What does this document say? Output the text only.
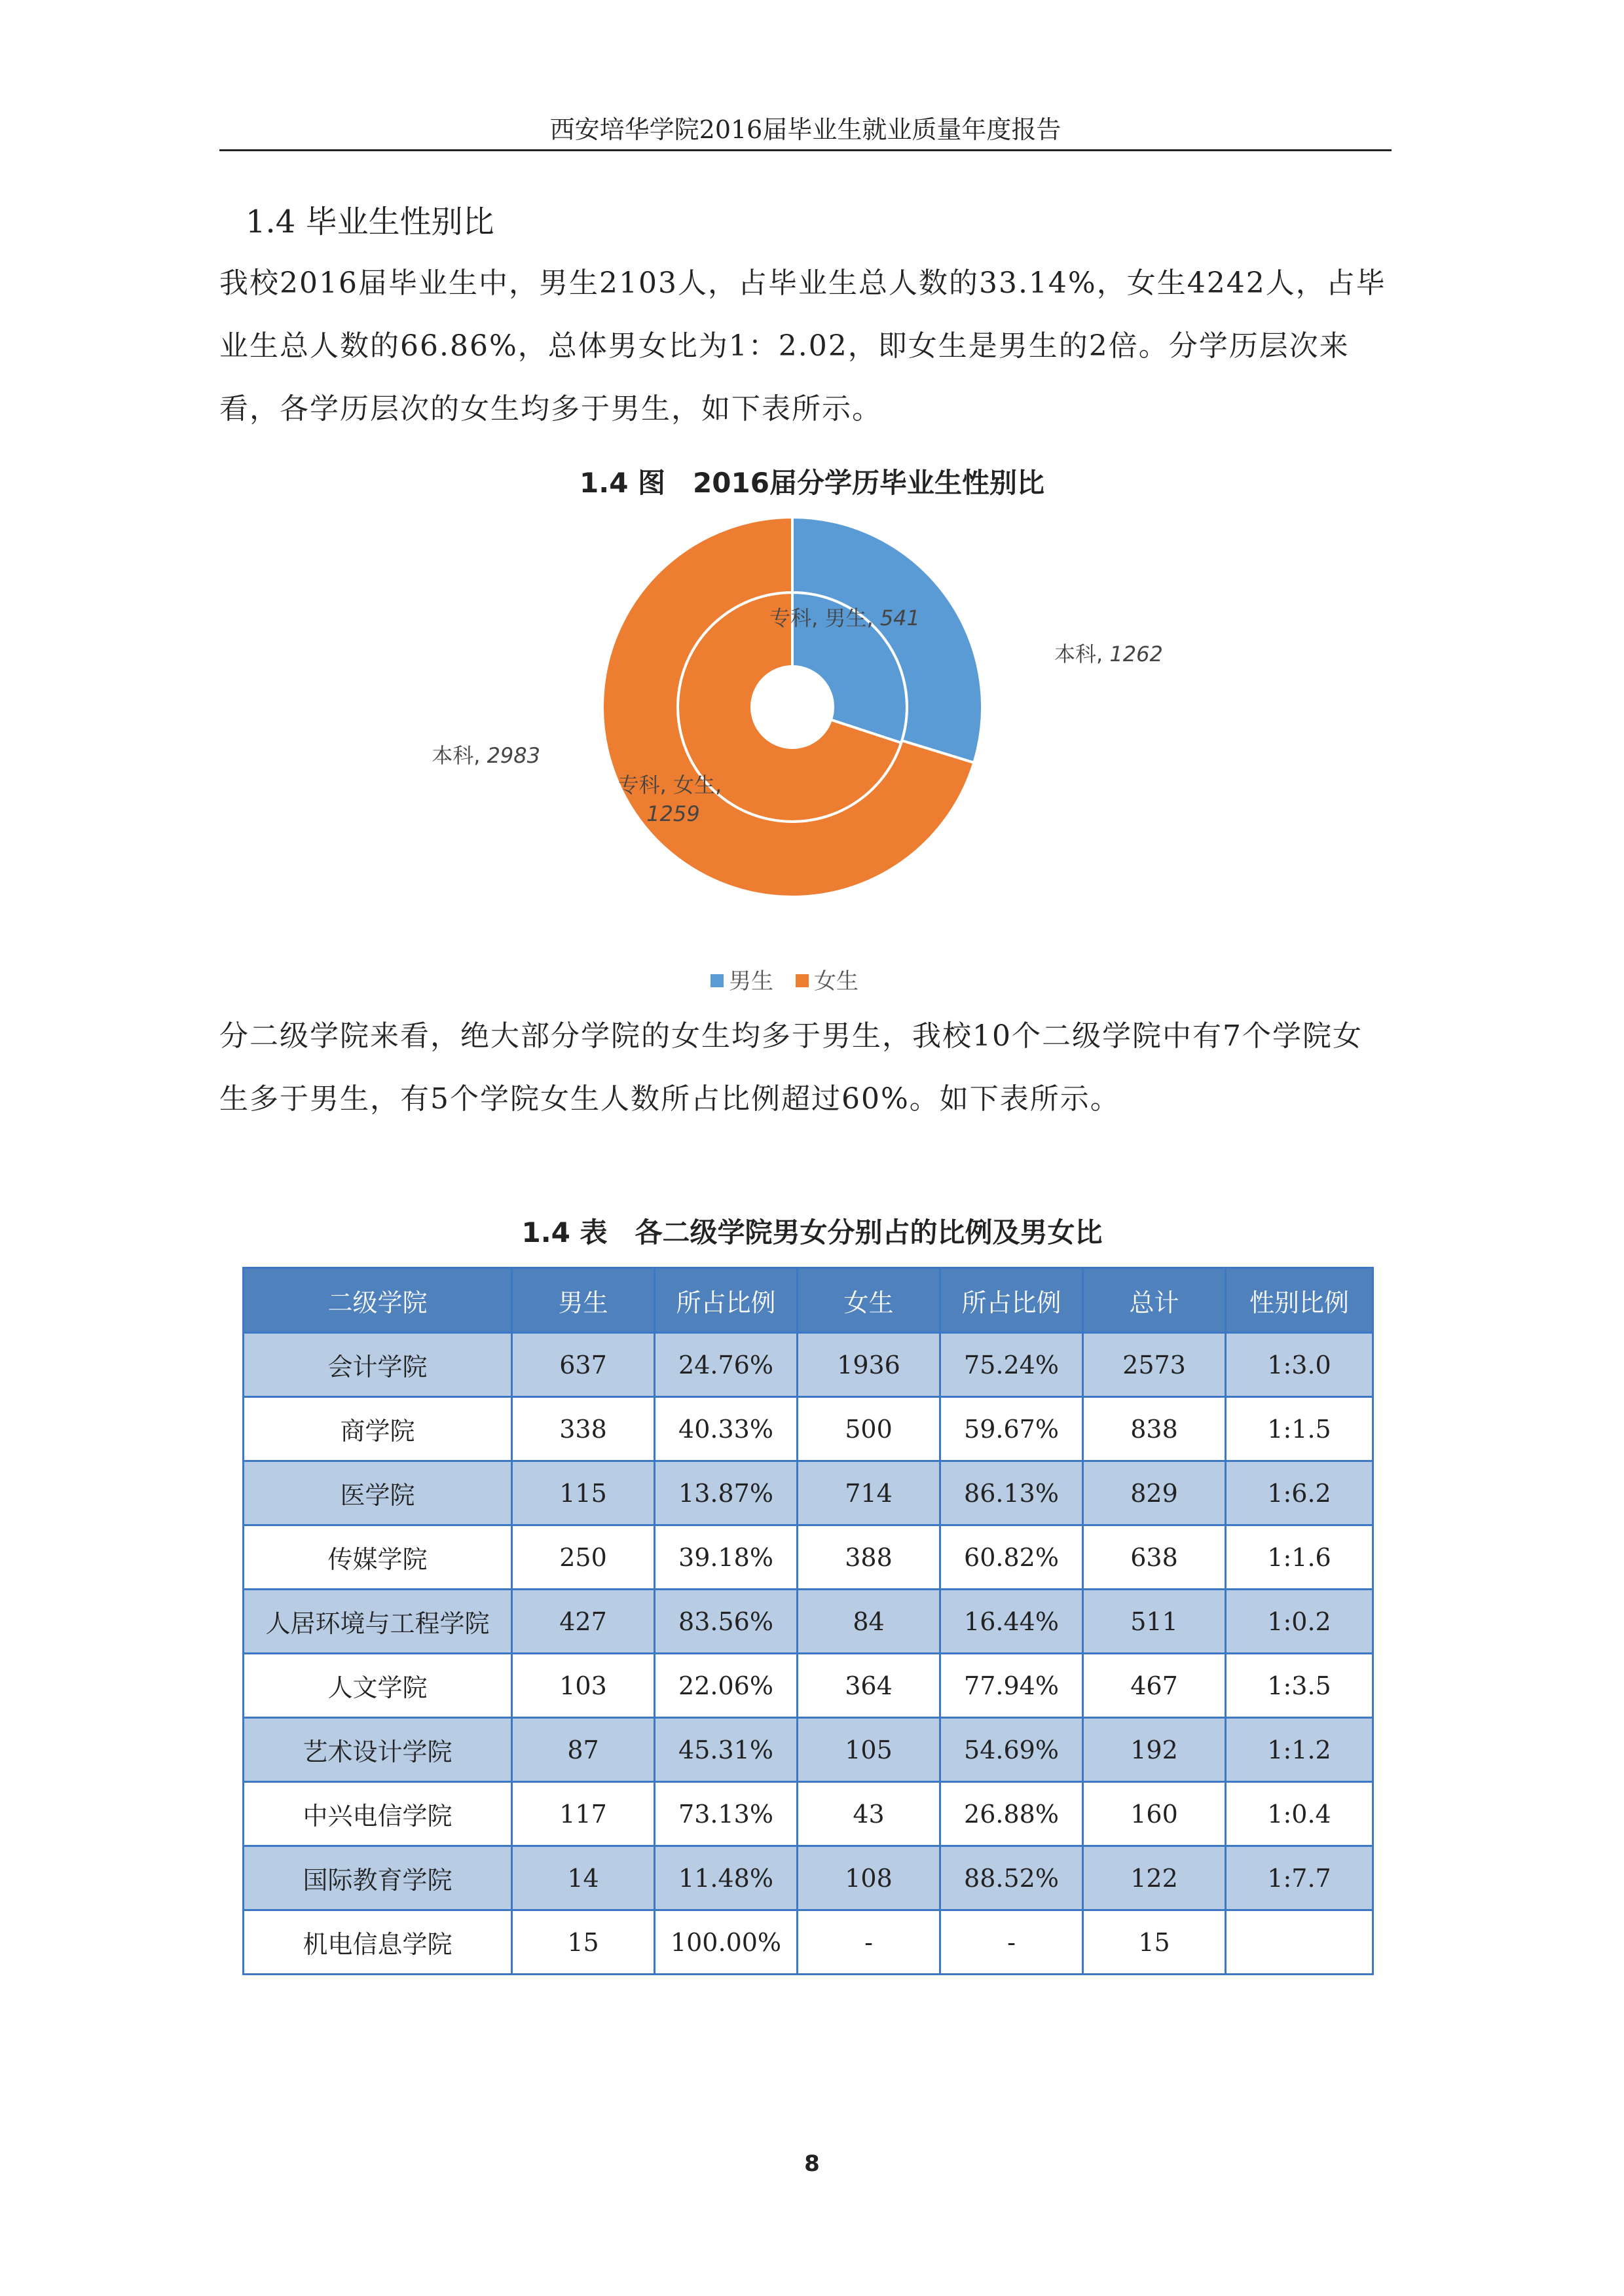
西安培华学院2016届毕业生就业质量年度报告
1.4 毕业生性别比
我校2016届毕业生中，男生2103人，占毕业生总人数的33.14%，女生4242人，占毕业生总人数的66.86%，总体男女比为1：2.02，即女生是男生的2倍。分学历层次来看，各学历层次的女生均多于男生，如下表所示。
1.4 图　2016届分学历毕业生性别比
专科, 男生, 541
专科, 女生, 1259
本科, 1262
本科, 2983
男生 女生
分二级学院来看，绝大部分学院的女生均多于男生，我校10个二级学院中有7个学院女生多于男生，有5个学院女生人数所占比例超过60%。如下表所示。
1.4 表　各二级学院男女分别占的比例及男女比
二级学院	男生	所占比例	女生	所占比例	总计	性别比例
会计学院	637	24.76%	1936	75.24%	2573	1:3.0
商学院	338	40.33%	500	59.67%	838	1:1.5
医学院	115	13.87%	714	86.13%	829	1:6.2
传媒学院	250	39.18%	388	60.82%	638	1:1.6
人居环境与工程学院	427	83.56%	84	16.44%	511	1:0.2
人文学院	103	22.06%	364	77.94%	467	1:3.5
艺术设计学院	87	45.31%	105	54.69%	192	1:1.2
中兴电信学院	117	73.13%	43	26.88%	160	1:0.4
国际教育学院	14	11.48%	108	88.52%	122	1:7.7
机电信息学院	15	100.00%	-	-	15	
8
